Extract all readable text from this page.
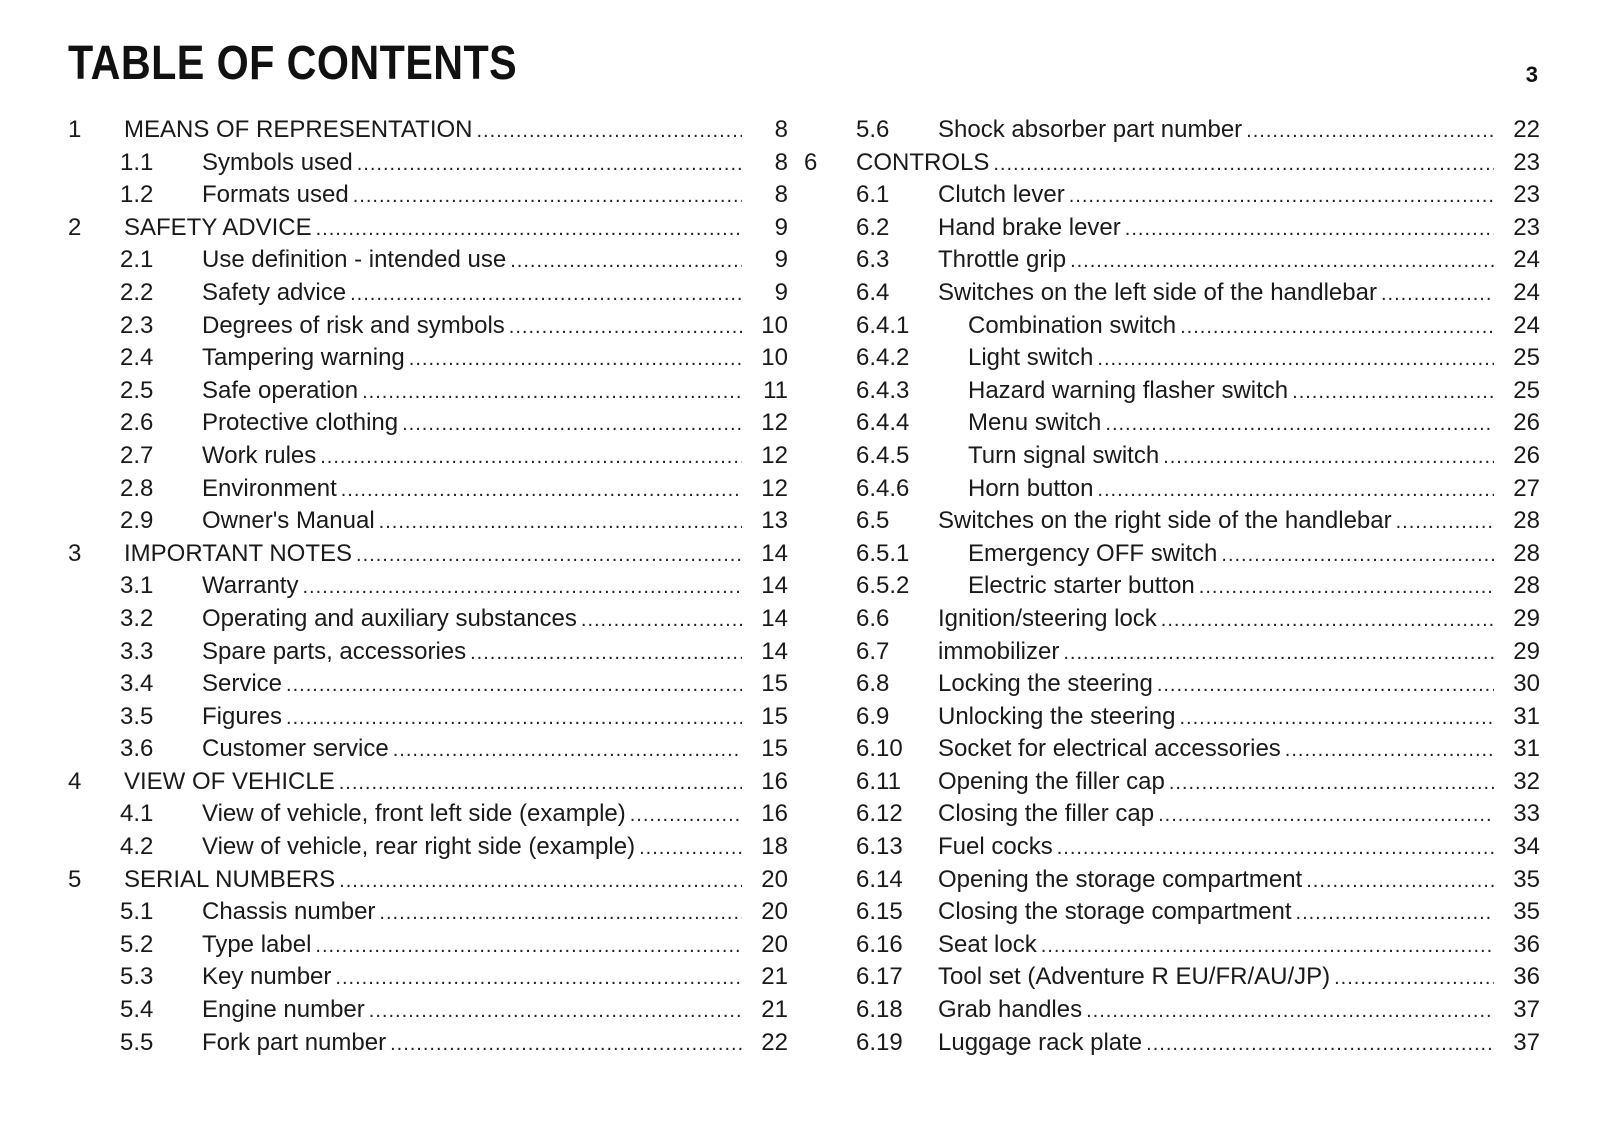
TABLE OF CONTENTS	3
1	MEANS OF REPRESENTATION .....	8
1.1	Symbols used .....	8
1.2	Formats used .....	8
2	SAFETY ADVICE .....	9
2.1	Use definition - intended use .....	9
2.2	Safety advice .....	9
2.3	Degrees of risk and symbols .....	10
2.4	Tampering warning .....	10
2.5	Safe operation .....	11
2.6	Protective clothing .....	12
2.7	Work rules .....	12
2.8	Environment .....	12
2.9	Owner's Manual .....	13
3	IMPORTANT NOTES .....	14
3.1	Warranty .....	14
3.2	Operating and auxiliary substances .....	14
3.3	Spare parts, accessories .....	14
3.4	Service .....	15
3.5	Figures .....	15
3.6	Customer service .....	15
4	VIEW OF VEHICLE .....	16
4.1	View of vehicle, front left side (example) .....	16
4.2	View of vehicle, rear right side (example) .....	18
5	SERIAL NUMBERS .....	20
5.1	Chassis number .....	20
5.2	Type label .....	20
5.3	Key number .....	21
5.4	Engine number .....	21
5.5	Fork part number .....	22
5.6	Shock absorber part number .....	22
6	CONTROLS .....	23
6.1	Clutch lever .....	23
6.2	Hand brake lever .....	23
6.3	Throttle grip .....	24
6.4	Switches on the left side of the handlebar .....	24
6.4.1	Combination switch .....	24
6.4.2	Light switch .....	25
6.4.3	Hazard warning flasher switch .....	25
6.4.4	Menu switch .....	26
6.4.5	Turn signal switch .....	26
6.4.6	Horn button .....	27
6.5	Switches on the right side of the handlebar .....	28
6.5.1	Emergency OFF switch .....	28
6.5.2	Electric starter button .....	28
6.6	Ignition/steering lock .....	29
6.7	immobilizer .....	29
6.8	Locking the steering .....	30
6.9	Unlocking the steering .....	31
6.10	Socket for electrical accessories .....	31
6.11	Opening the filler cap .....	32
6.12	Closing the filler cap .....	33
6.13	Fuel cocks .....	34
6.14	Opening the storage compartment .....	35
6.15	Closing the storage compartment .....	35
6.16	Seat lock .....	36
6.17	Tool set (Adventure R EU/FR/AU/JP) .....	36
6.18	Grab handles .....	37
6.19	Luggage rack plate .....	37
